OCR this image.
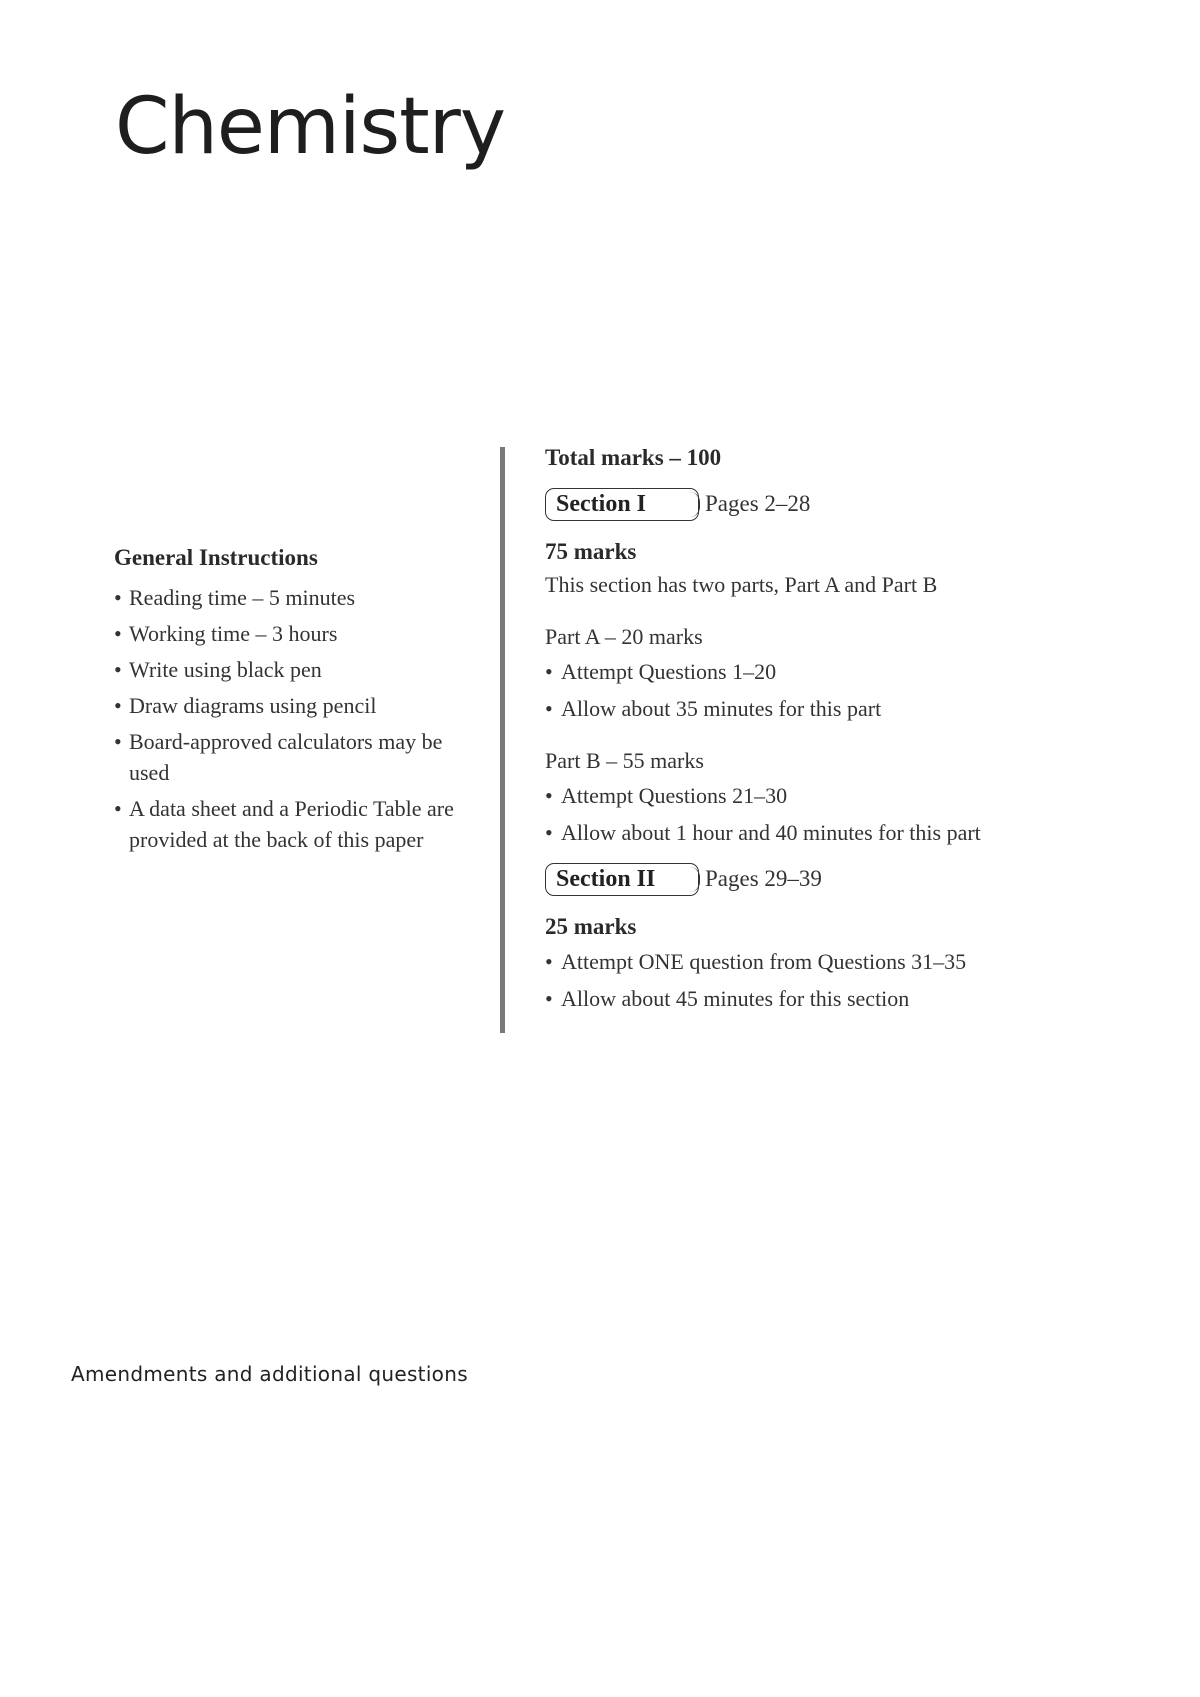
Chemistry

General Instructions

• Reading time – 5 minutes
• Working time – 3 hours
• Write using black pen
• Draw diagrams using pencil
• Board-approved calculators may be used
• A data sheet and a Periodic Table are provided at the back of this paper

Total marks – 100

Section I	Pages 2–28

75 marks

This section has two parts, Part A and Part B

Part A – 20 marks

• Attempt Questions 1–20
• Allow about 35 minutes for this part

Part B – 55 marks

• Attempt Questions 21–30
• Allow about 1 hour and 40 minutes for this part
Section II	Pages 29–39

25 marks

• Attempt ONE question from Questions 31–35
• Allow about 45 minutes for this section
Amendments and additional questions
